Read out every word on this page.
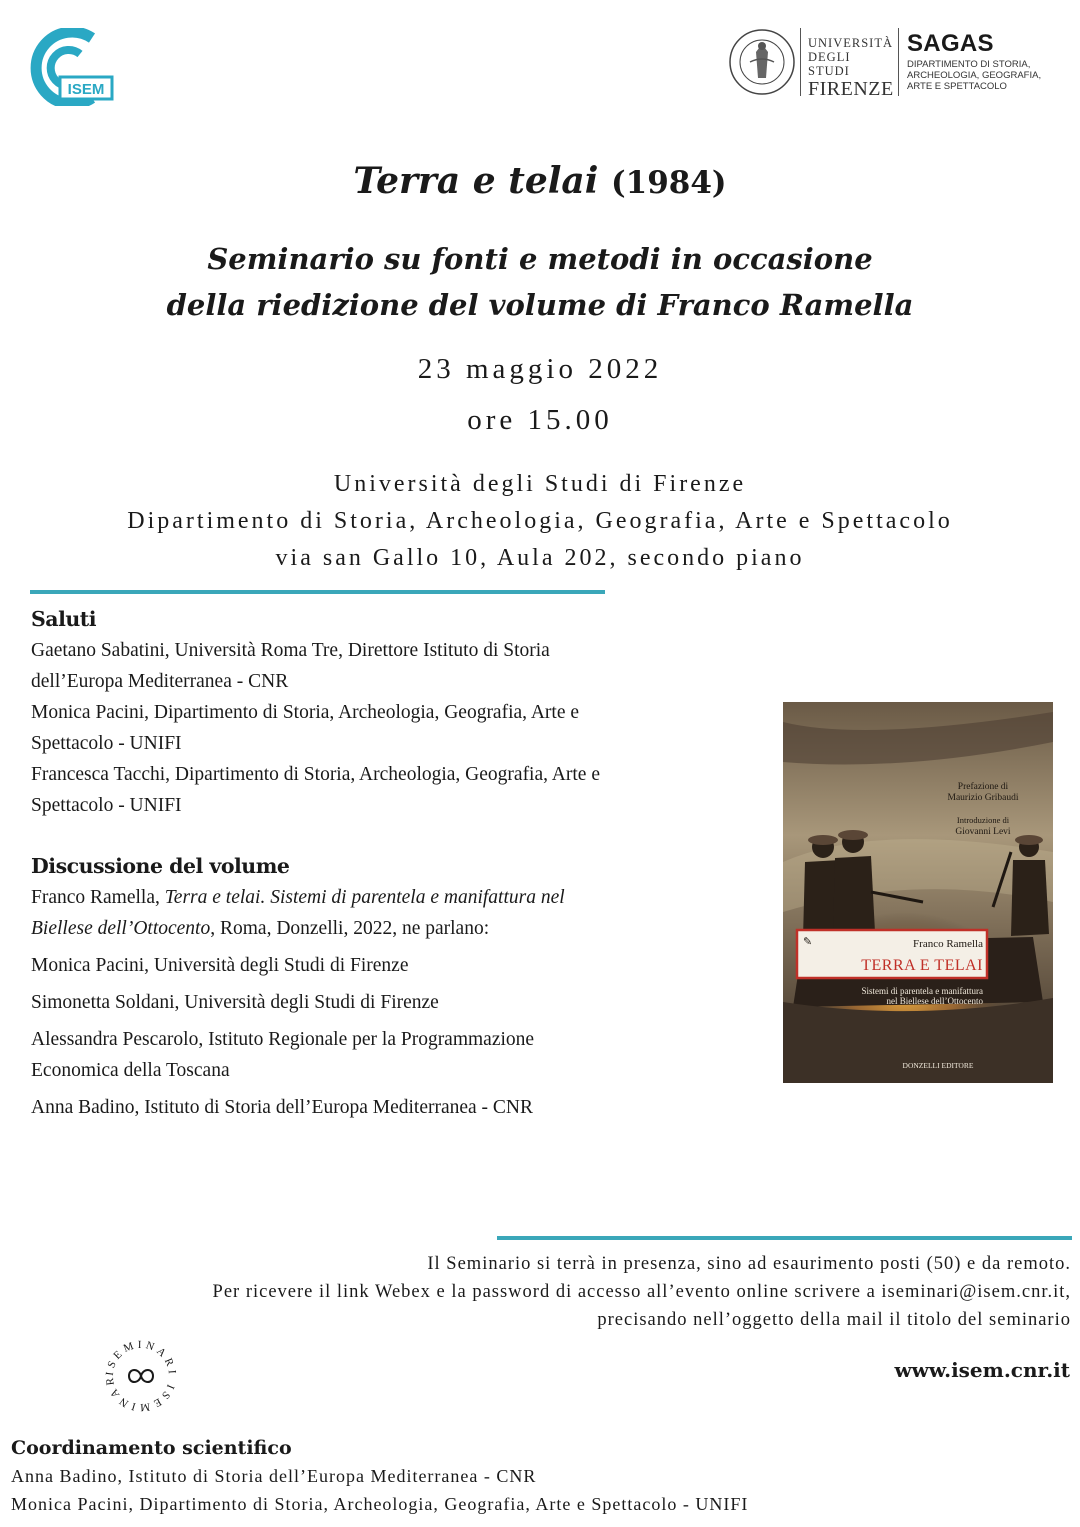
ISEM
UNIVERSITÀ
DEGLI STUDI
FIRENZE
SAGAS
DIPARTIMENTO DI STORIA, ARCHEOLOGIA, GEOGRAFIA, ARTE E SPETTACOLO
Terra e telai (1984)
Seminario su fonti e metodi in occasione
della riedizione del volume di Franco Ramella
23 maggio 2022
ore 15.00
Università degli Studi di Firenze
Dipartimento di Storia, Archeologia, Geografia, Arte e Spettacolo
via san Gallo 10, Aula 202, secondo piano
Saluti
Gaetano Sabatini, Università Roma Tre, Direttore Istituto di Storia
dell’Europa Mediterranea - CNR
Monica Pacini, Dipartimento di Storia, Archeologia, Geografia, Arte e
Spettacolo - UNIFI
Francesca Tacchi, Dipartimento di Storia, Archeologia, Geografia, Arte e
Spettacolo - UNIFI
Discussione del volume
Franco Ramella, Terra e telai. Sistemi di parentela e manifattura nel
Biellese dell’Ottocento, Roma, Donzelli, 2022, ne parlano:
Monica Pacini, Università degli Studi di Firenze
Simonetta Soldani, Università degli Studi di Firenze
Alessandra Pescarolo, Istituto Regionale per la Programmazione
Economica della Toscana
Anna Badino, Istituto di Storia dell’Europa Mediterranea - CNR
Prefazione di
Maurizio Gribaudi
Introduzione di
Giovanni Levi
✎	Franco Ramella
TERRA E TELAI
Sistemi di parentela e manifattura
nel Biellese dell’Ottocento
DONZELLI EDITORE
Il Seminario si terrà in presenza, sino ad esaurimento posti (50) e da remoto.
Per ricevere il link Webex e la password di accesso all’evento online scrivere a iseminari@isem.cnr.it,
precisando nell’oggetto della mail il titolo del seminario
ISEMINARI ISEMINAR	www.isem.cnr.it
Coordinamento scientifico
Anna Badino, Istituto di Storia dell’Europa Mediterranea - CNR
Monica Pacini, Dipartimento di Storia, Archeologia, Geografia, Arte e Spettacolo - UNIFI
